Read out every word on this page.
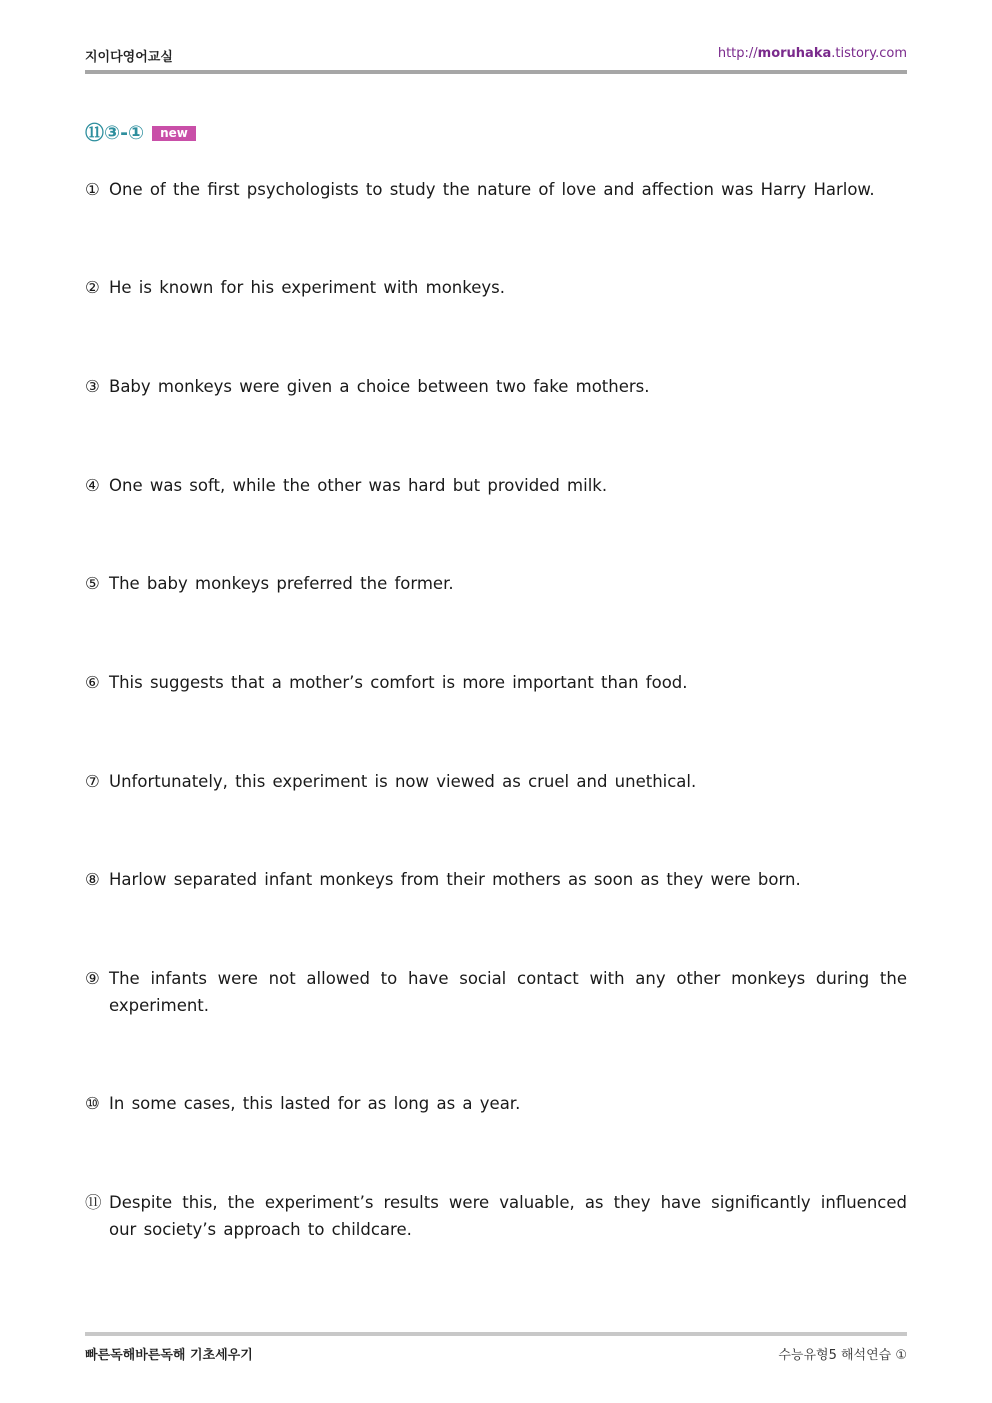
지이다영어교실	http://moruhaka.tistory.com
⑪③-①	new
① One of the first psychologists to study the nature of love and affection was Harry Harlow.
② He is known for his experiment with monkeys.
③ Baby monkeys were given a choice between two fake mothers.
④ One was soft, while the other was hard but provided milk.
⑤ The baby monkeys preferred the former.
⑥ This suggests that a mother’s comfort is more important than food.
⑦ Unfortunately, this experiment is now viewed as cruel and unethical.
⑧ Harlow separated infant monkeys from their mothers as soon as they were born.
⑨ The infants were not allowed to have social contact with any other monkeys during the experiment.
⑩ In some cases, this lasted for as long as a year.
⑪ Despite this, the experiment’s results were valuable, as they have significantly influenced our society’s approach to childcare.
빠른독해바른독해 기초세우기	수능유형5 해석연습 ①
